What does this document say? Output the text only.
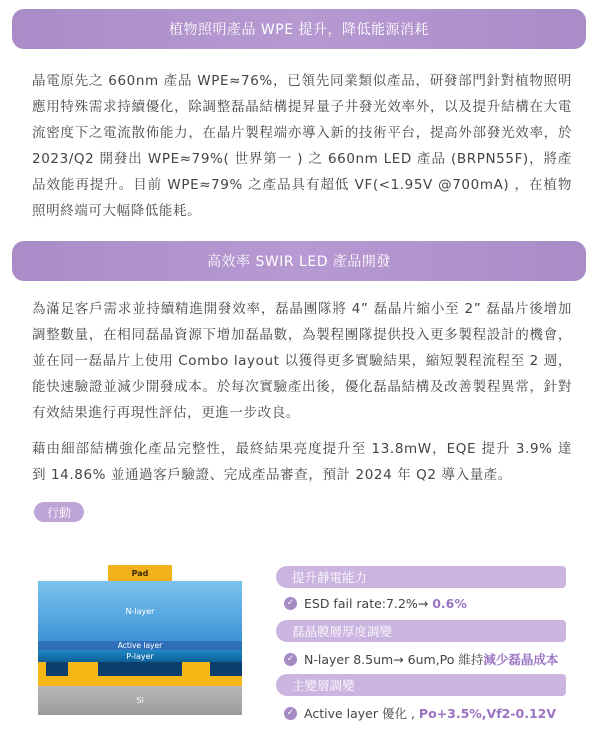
植物照明產品 WPE 提升，降低能源消耗

晶電原先之 660nm 產品 WPE≈76%，已領先同業類似產品，研發部門針對植物照明應用特殊需求持續優化，除調整磊晶結構提昇量子井發光效率外，以及提升結構在大電流密度下之電流散佈能力，在晶片製程端亦導入新的技術平台，提高外部發光效率，於 2023/Q2 開發出 WPE≈79%( 世界第一 ) 之 660nm LED 產品 (BRPN55F)，將產品效能再提升。目前 WPE≈79% 之產品具有超低 VF(<1.95V @700mA) ，在植物照明終端可大幅降低能耗。

高效率 SWIR LED 產品開發

為滿足客戶需求並持續精進開發效率，磊晶團隊將 4” 磊晶片縮小至 2” 磊晶片後增加調整數量，在相同磊晶資源下增加磊晶數，為製程團隊提供投入更多製程設計的機會，並在同一磊晶片上使用 Combo layout 以獲得更多實驗結果，縮短製程流程至 2 週，能快速驗證並減少開發成本。於每次實驗產出後，優化磊晶結構及改善製程異常，針對有效結果進行再現性評估，更進一步改良。

藉由細部結構強化產品完整性，最終結果亮度提升至 13.8mW，EQE 提升 3.9% 達到 14.86% 並通過客戶驗證、完成產品審查，預計 2024 年 Q2 導入量產。

行動
Pad
N-layer
Active layer
P-layer
Si
提升靜電能力
✓ ESD fail rate:7.2%→ 0.6%
磊晶膜層厚度調變
✓ N-layer 8.5um→ 6um,Po 維持減少磊晶成本
主變層調變
✓ Active layer 優化 , Po+3.5%,Vf2-0.12V
